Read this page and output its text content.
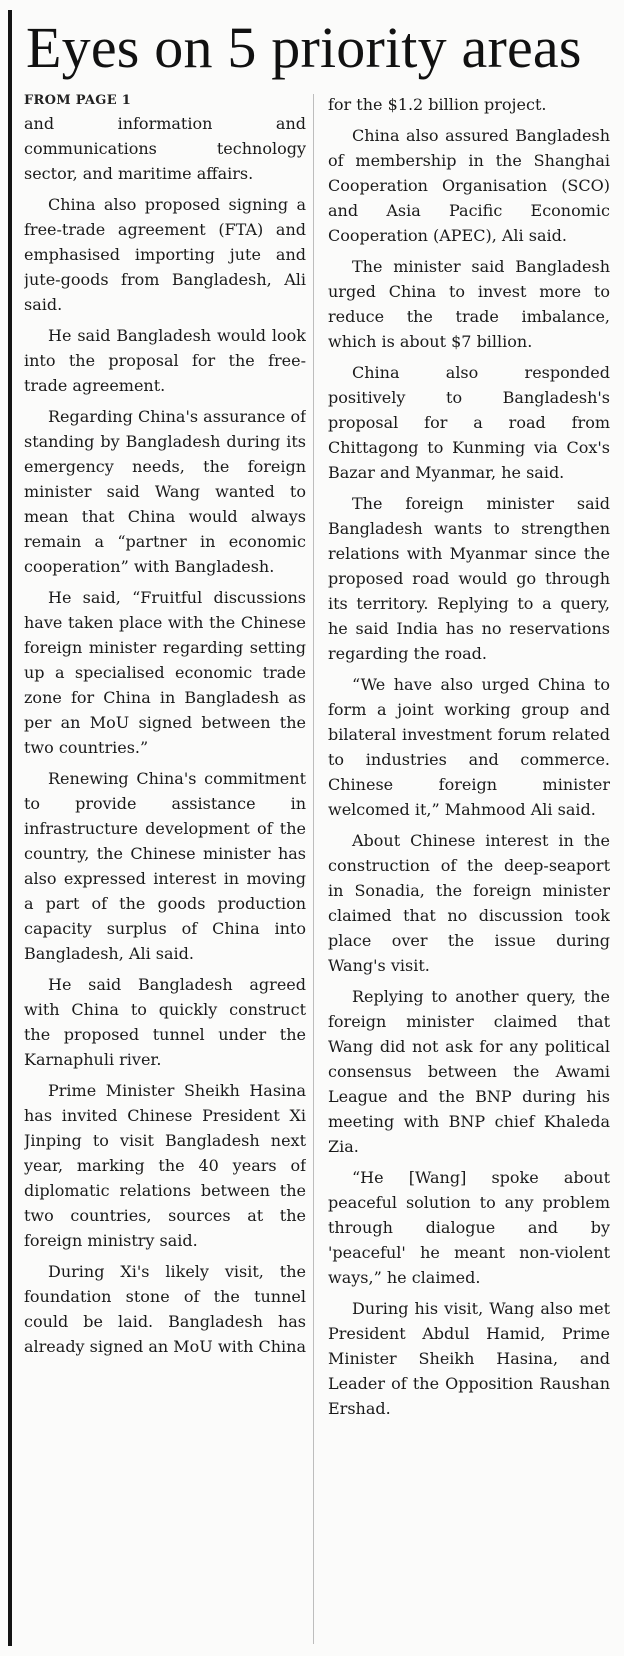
Eyes on 5 priority areas
FROM PAGE 1

and information and communications technology sector, and maritime affairs.

China also proposed signing a free-trade agreement (FTA) and emphasised importing jute and jute-goods from Bangladesh, Ali said.

He said Bangladesh would look into the proposal for the free-trade agreement.

Regarding China's assurance of standing by Bangladesh during its emergency needs, the foreign minister said Wang wanted to mean that China would always remain a “partner in economic cooperation” with Bangladesh.

He said, “Fruitful discussions have taken place with the Chinese foreign minister regarding setting up a specialised economic trade zone for China in Bangladesh as per an MoU signed between the two countries.”

Renewing China's commitment to provide assistance in infrastructure development of the country, the Chinese minister has also expressed interest in moving a part of the goods production capacity surplus of China into Bangladesh, Ali said.

He said Bangladesh agreed with China to quickly construct the proposed tunnel under the Karnaphuli river.

Prime Minister Sheikh Hasina has invited Chinese President Xi Jinping to visit Bangladesh next year, marking the 40 years of diplomatic relations between the two countries, sources at the foreign ministry said.

During Xi's likely visit, the foundation stone of the tunnel could be laid. Bangladesh has already signed an MoU with China

for the $1.2 billion project.

China also assured Bangladesh of membership in the Shanghai Cooperation Organisation (SCO) and Asia Pacific Economic Cooperation (APEC), Ali said.

The minister said Bangladesh urged China to invest more to reduce the trade imbalance, which is about $7 billion.

China also responded positively to Bangladesh's proposal for a road from Chittagong to Kunming via Cox's Bazar and Myanmar, he said.

The foreign minister said Bangladesh wants to strengthen relations with Myanmar since the proposed road would go through its territory. Replying to a query, he said India has no reservations regarding the road.

“We have also urged China to form a joint working group and bilateral investment forum related to industries and commerce. Chinese foreign minister welcomed it,” Mahmood Ali said.

About Chinese interest in the construction of the deep-seaport in Sonadia, the foreign minister claimed that no discussion took place over the issue during Wang's visit.

Replying to another query, the foreign minister claimed that Wang did not ask for any political consensus between the Awami League and the BNP during his meeting with BNP chief Khaleda Zia.

“He [Wang] spoke about peaceful solution to any problem through dialogue and by 'peaceful' he meant non-violent ways,” he claimed.

During his visit, Wang also met President Abdul Hamid, Prime Minister Sheikh Hasina, and Leader of the Opposition Raushan Ershad.
